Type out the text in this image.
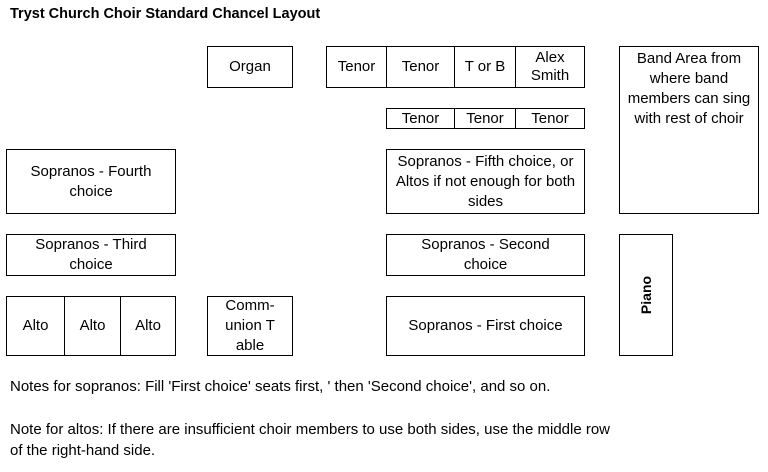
Tryst Church Choir Standard Chancel Layout
Organ	Tenor Tenor T or B
Alex Smith
Tenor Tenor Tenor
Band Area from where band members can sing with rest of choir
Sopranos - Fourth choice
Sopranos - Fifth choice, or Altos if not enough for both sides
Sopranos - Third choice
Sopranos - Second choice
Piano
Alto Alto Alto
Comm-union Table
Sopranos - First choice
Notes for sopranos: Fill 'First choice' seats first, ' then 'Second choice', and so on.
Note for altos: If there are insufficient choir members to use both sides, use the middle row
of the right-hand side.
